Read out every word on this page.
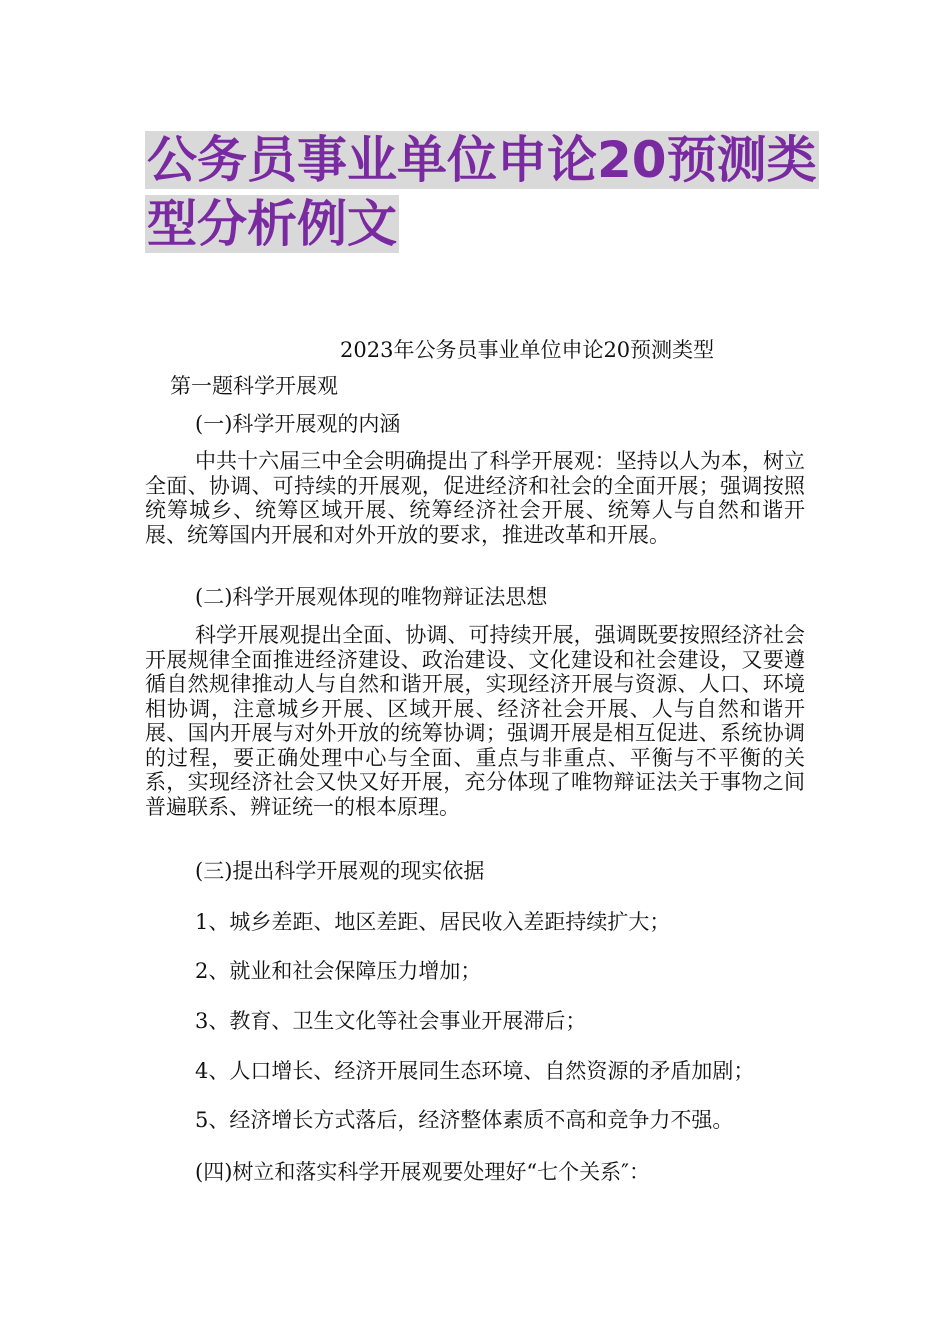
公务员事业单位申论20预测类型分析例文
2023年公务员事业单位申论20预测类型
第一题科学开展观
(一)科学开展观的内涵

中共十六届三中全会明确提出了科学开展观：坚持以人为本，树立全面、协调、可持续的开展观，促进经济和社会的全面开展；强调按照统筹城乡、统筹区域开展、统筹经济社会开展、统筹人与自然和谐开展、统筹国内开展和对外开放的要求，推进改革和开展。

(二)科学开展观体现的唯物辩证法思想

科学开展观提出全面、协调、可持续开展，强调既要按照经济社会开展规律全面推进经济建设、政治建设、文化建设和社会建设，又要遵循自然规律推动人与自然和谐开展，实现经济开展与资源、人口、环境相协调，注意城乡开展、区域开展、经济社会开展、人与自然和谐开展、国内开展与对外开放的统筹协调；强调开展是相互促进、系统协调的过程，要正确处理中心与全面、重点与非重点、平衡与不平衡的关系，实现经济社会又快又好开展，充分体现了唯物辩证法关于事物之间普遍联系、辨证统一的根本原理。

(三)提出科学开展观的现实依据
1、城乡差距、地区差距、居民收入差距持续扩大；
2、就业和社会保障压力增加；
3、教育、卫生文化等社会事业开展滞后；
4、人口增长、经济开展同生态环境、自然资源的矛盾加剧；
5、经济增长方式落后，经济整体素质不高和竞争力不强。
(四)树立和落实科学开展观要处理好“七个关系″：
